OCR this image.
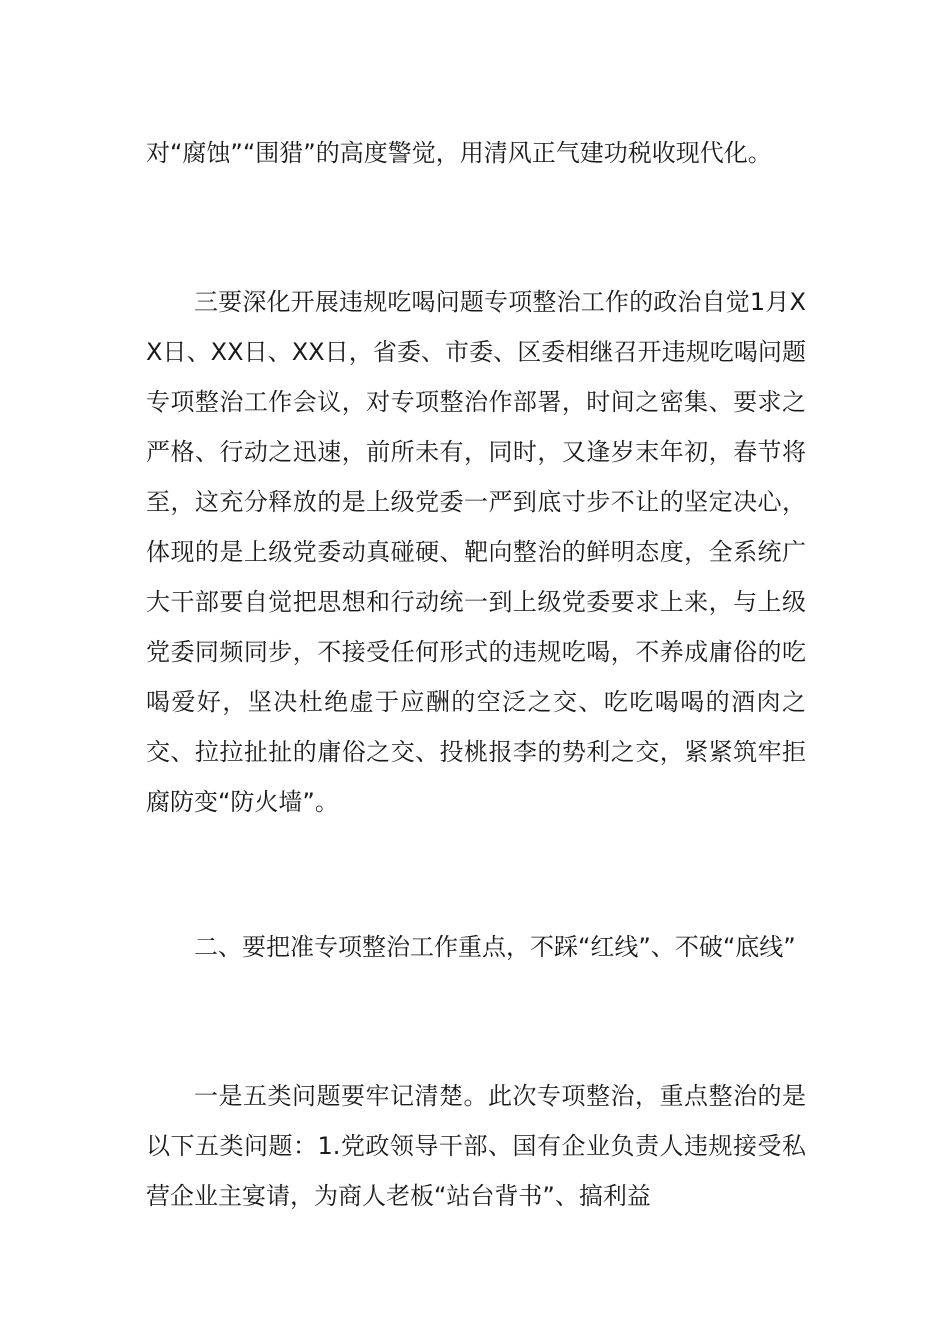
对“腐蚀”“围猎”的高度警觉，用清风正气建功税收现代化。

三要深化开展违规吃喝问题专项整治工作的政治自觉1月XX日、XX日、XX日，省委、市委、区委相继召开违规吃喝问题专项整治工作会议，对专项整治作部署，时间之密集、要求之严格、行动之迅速，前所未有，同时，又逢岁末年初，春节将至，这充分释放的是上级党委一严到底寸步不让的坚定决心，体现的是上级党委动真碰硬、靶向整治的鲜明态度，全系统广大干部要自觉把思想和行动统一到上级党委要求上来，与上级党委同频同步，不接受任何形式的违规吃喝，不养成庸俗的吃喝爱好，坚决杜绝虚于应酬的空泛之交、吃吃喝喝的酒肉之交、拉拉扯扯的庸俗之交、投桃报李的势利之交，紧紧筑牢拒腐防变“防火墙”。

二、要把准专项整治工作重点，不踩“红线”、不破“底线”

一是五类问题要牢记清楚。此次专项整治，重点整治的是以下五类问题：1.党政领导干部、国有企业负责人违规接受私营企业主宴请，为商人老板“站台背书”、搞利益
